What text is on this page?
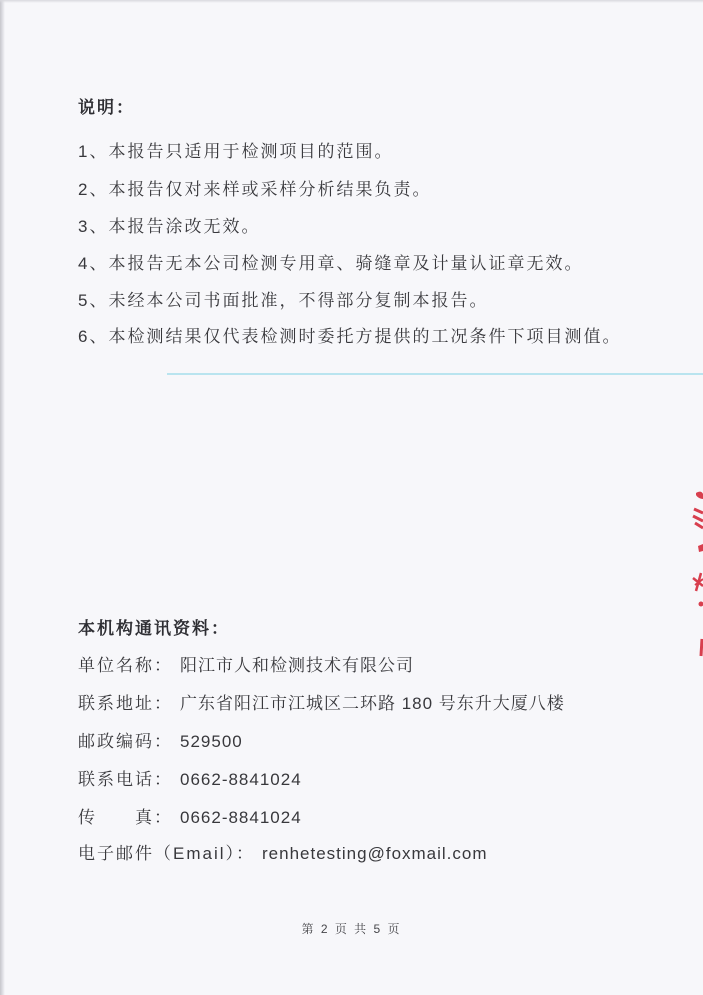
说明：
1、本报告只适用于检测项目的范围。
2、本报告仅对来样或采样分析结果负责。
3、本报告涂改无效。
4、本报告无本公司检测专用章、骑缝章及计量认证章无效。
5、未经本公司书面批准，不得部分复制本报告。
6、本检测结果仅代表检测时委托方提供的工况条件下项目测值。
本机构通讯资料：
单位名称： 阳江市人和检测技术有限公司
联系地址： 广东省阳江市江城区二环路 180 号东升大厦八楼
邮政编码： 529500
联系电话： 0662-8841024
传　　真： 0662-8841024
电子邮件（Email）： renhetesting@foxmail.com
第 2 页 共 5 页
